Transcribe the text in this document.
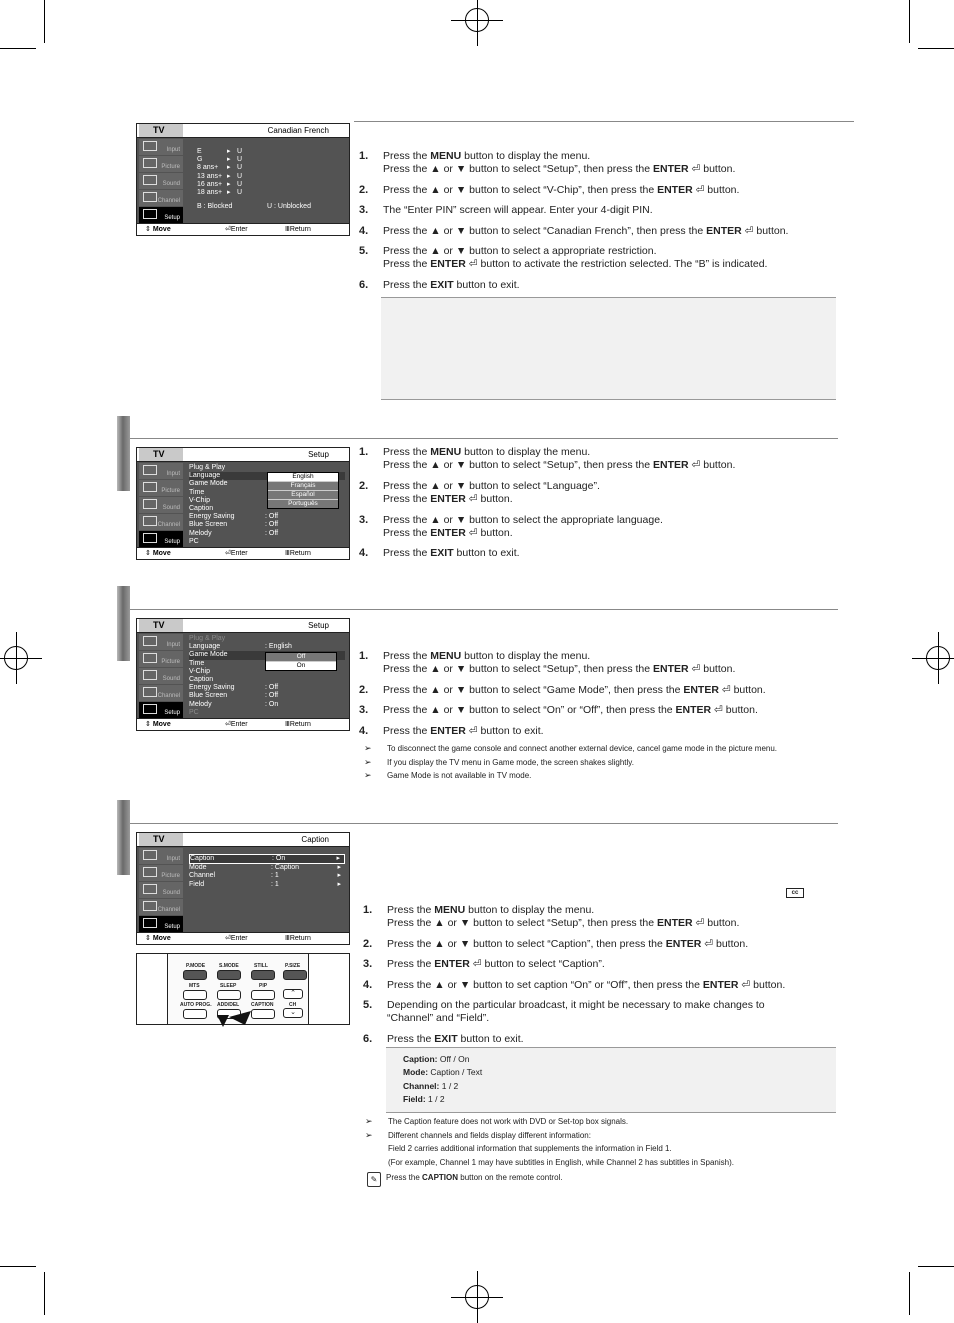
TV	Canadian French
Input
Picture
Sound
Channel
Setup
E	▸ U
G	▸ U
8 ans+ ▸ U
13 ans+ ▸ U
16 ans+ ▸ U
18 ans+ ▸ U
B : Blocked	U : Unblocked
⇕ Move	⏎ Enter	Ⅲ Return
1. Press the MENU button to display the menu.
Press the ▲ or ▼ button to select “Setup”, then press the ENTER ⏎ button.
2. Press the ▲ or ▼ button to select “V-Chip”, then press the ENTER ⏎ button.
3. The “Enter PIN” screen will appear. Enter your 4-digit PIN.
4. Press the ▲ or ▼ button to select “Canadian French”, then press the ENTER ⏎ button.
5. Press the ▲ or ▼ button to select a appropriate restriction.
Press the ENTER ⏎ button to activate the restriction selected. The “B” is indicated.
6. Press the EXIT button to exit.
TV	Setup
Input
Picture
Sound
Channel
Setup
Plug & Play
Language
Game Mode
Time
V-Chip
Caption
Energy Saving	: Off
Blue Screen	: Off
Melody	: Off
PC
English
Français
Español
Português
⇕ Move	⏎ Enter	Ⅲ Return
1. Press the MENU button to display the menu.
Press the ▲ or ▼ button to select “Setup”, then press the ENTER ⏎ button.
2. Press the ▲ or ▼ button to select “Language”.
Press the ENTER ⏎ button.
3. Press the ▲ or ▼ button to select the appropriate language.
Press the ENTER ⏎ button.
4. Press the EXIT button to exit.
TV	Setup
Input
Picture
Sound
Channel
Setup
Plug & Play
Language	: English
Game Mode
Time
V-Chip
Caption
Energy Saving	: Off
Blue Screen	: Off
Melody	: On
PC
Off
On
⇕ Move	⏎ Enter	Ⅲ Return
1. Press the MENU button to display the menu.
Press the ▲ or ▼ button to select “Setup”, then press the ENTER ⏎ button.
2. Press the ▲ or ▼ button to select “Game Mode”, then press the ENTER ⏎ button.
3. Press the ▲ or ▼ button to select “On” or “Off”, then press the ENTER ⏎ button.
4. Press the ENTER ⏎ button to exit.
➢ To disconnect the game console and connect another external device, cancel game mode in the picture menu.
➢ If you display the TV menu in Game mode, the screen shakes slightly.
➢ Game Mode is not available in TV mode.
TV	Caption
Input
Picture
Sound
Channel
Setup
Caption	: On	▸
Mode	: Caption	▸
Channel	: 1	▸
Field	: 1	▸
⇕ Move	⏎ Enter	Ⅲ Return
P.MODE	S.MODE	STILL	P.SIZE
MTS	SLEEP	PIP
⌃
AUTO PROG. ADD/DEL CAPTION	CH
⌄
cc
1. Press the MENU button to display the menu.
Press the ▲ or ▼ button to select “Setup”, then press the ENTER ⏎ button.
2. Press the ▲ or ▼ button to select “Caption”, then press the ENTER ⏎ button.
3. Press the ENTER ⏎ button to select “Caption”.
4. Press the ▲ or ▼ button to set caption “On” or “Off”, then press the ENTER ⏎ button.
5. Depending on the particular broadcast, it might be necessary to make changes to
“Channel” and “Field”.
6. Press the EXIT button to exit.
Caption: Off / On
Mode: Caption / Text
Channel: 1 / 2
Field: 1 / 2
➢ The Caption feature does not work with DVD or Set-top box signals.
➢ Different channels and fields display different information:
Field 2 carries additional information that supplements the information in Field 1.
(For example, Channel 1 may have subtitles in English, while Channel 2 has subtitles in Spanish).
✎	Press the CAPTION button on the remote control.
